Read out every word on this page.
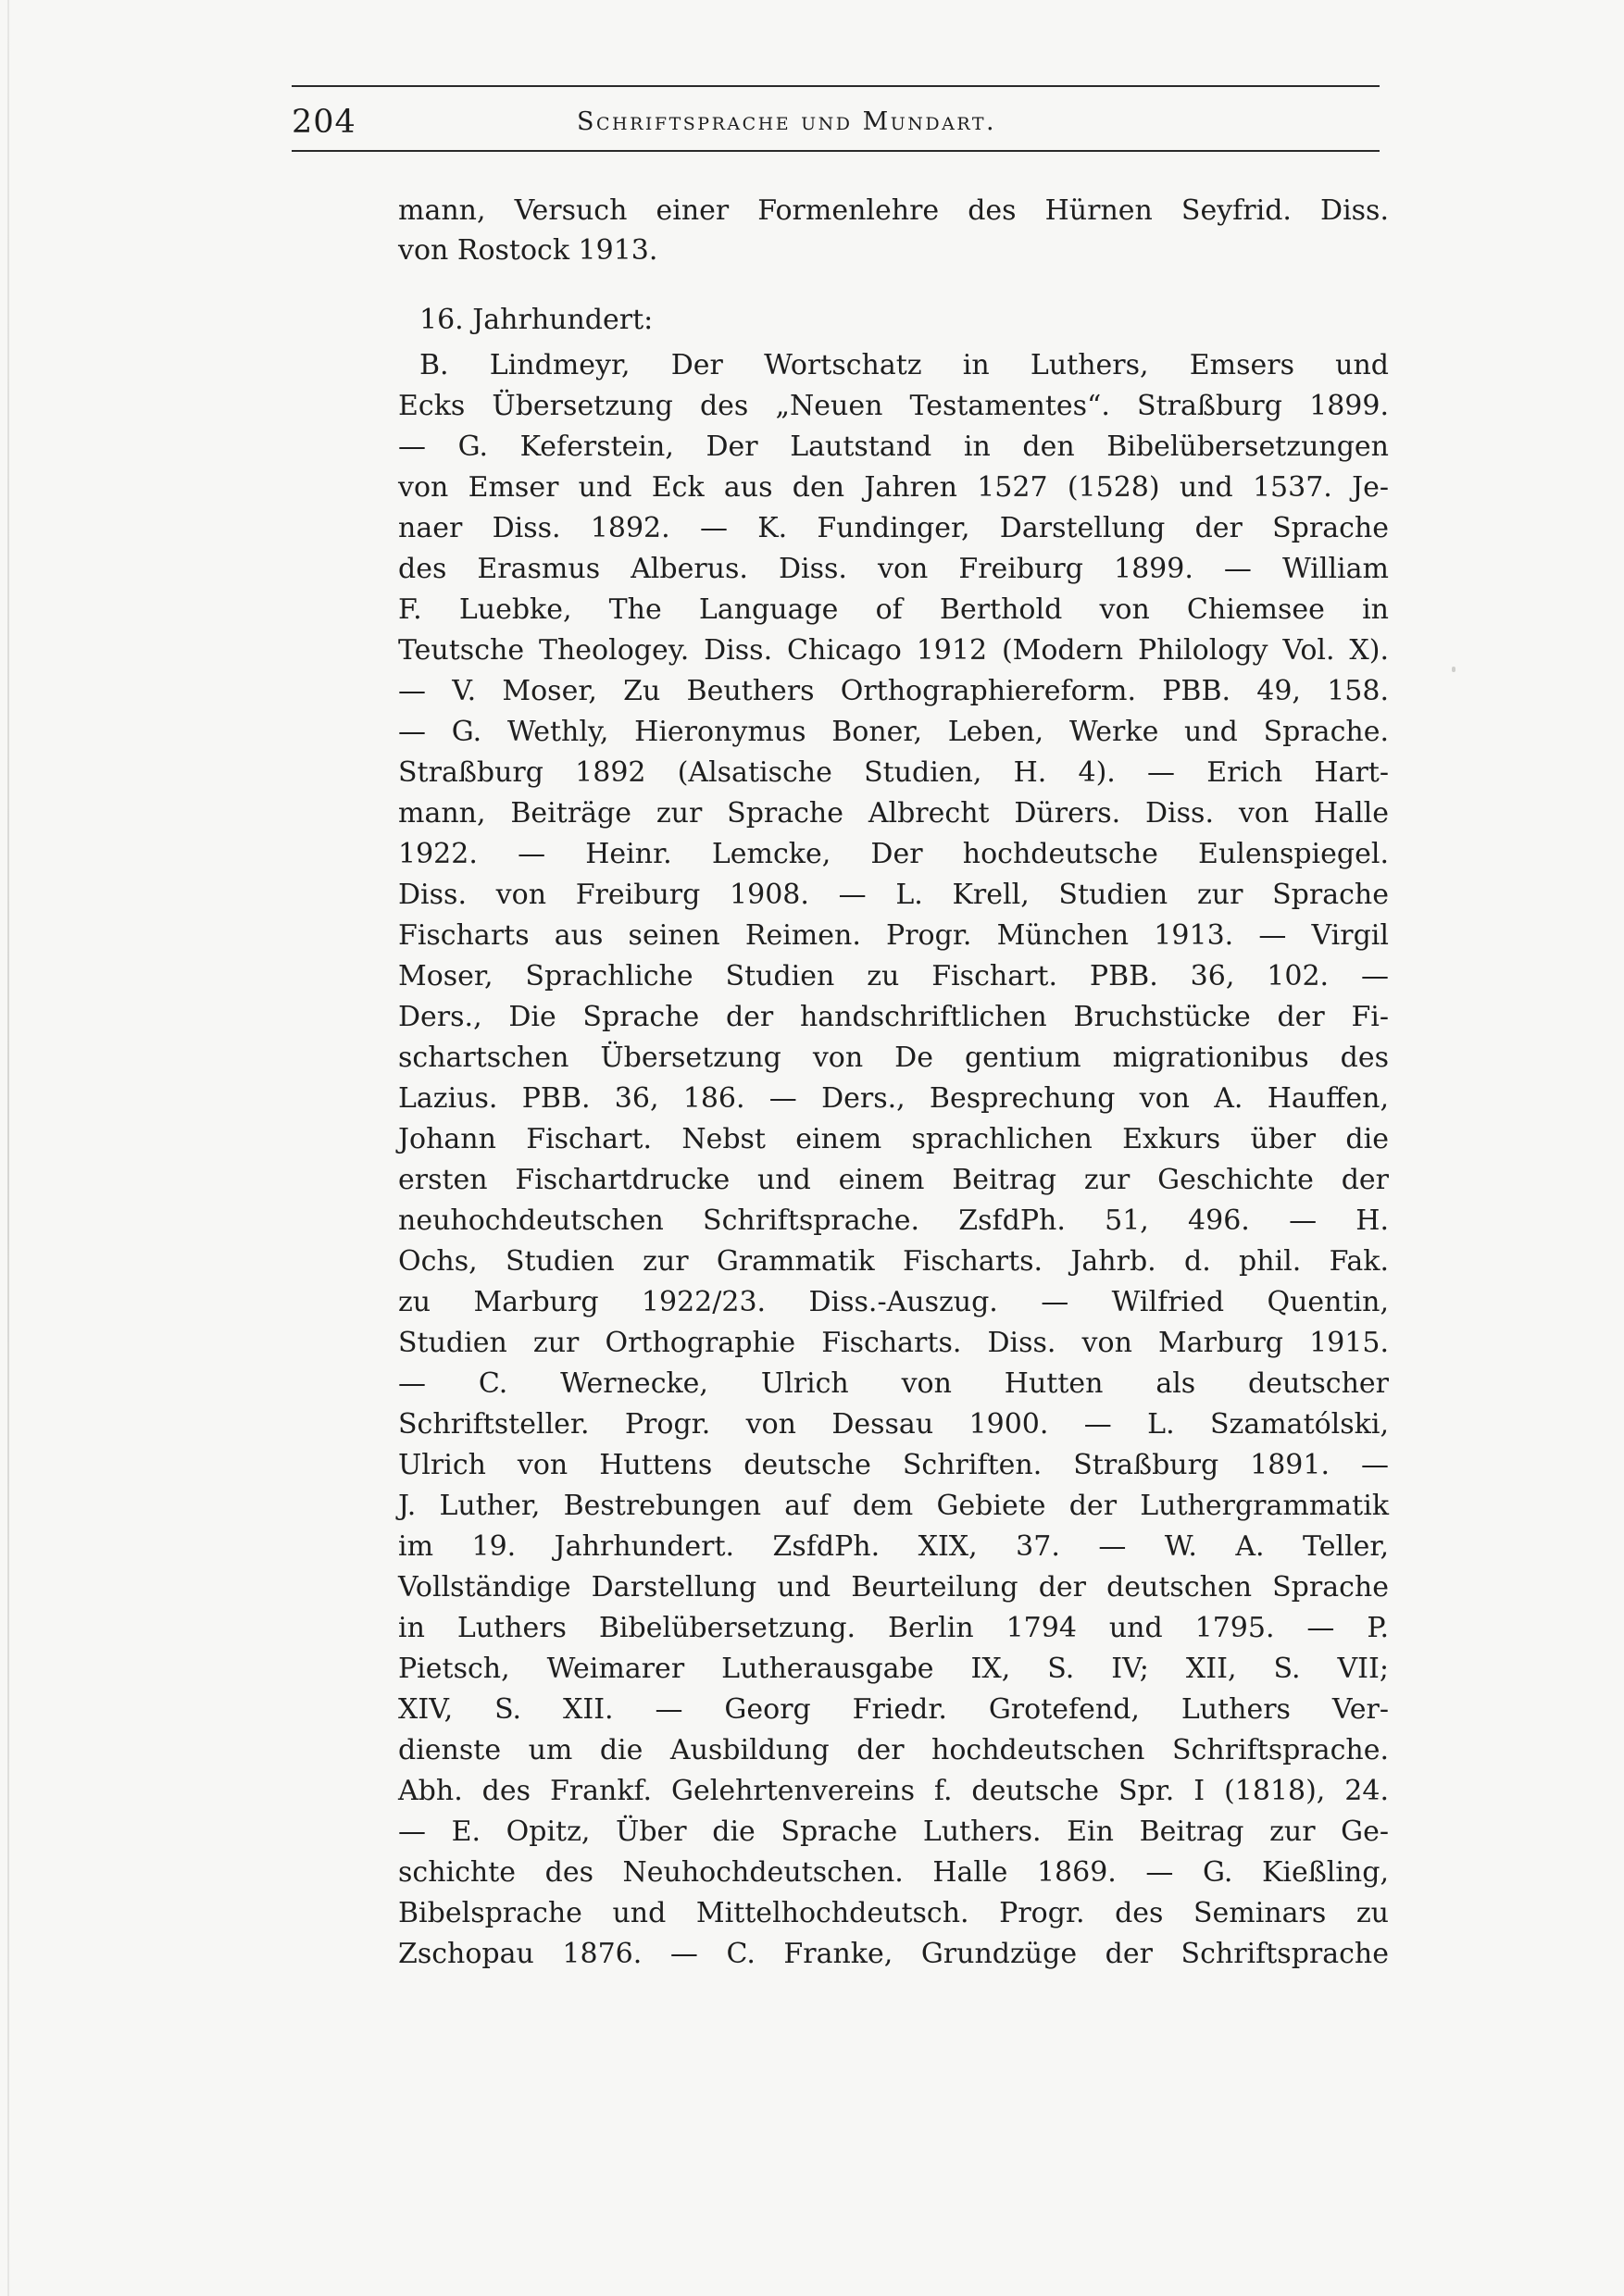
204	Schriftsprache und Mundart.
mann, Versuch einer Formenlehre des Hürnen Seyfrid. Diss.
von Rostock 1913.
16. Jahrhundert:
B. Lindmeyr, Der Wortschatz in Luthers, Emsers und
Ecks Übersetzung des „Neuen Testamentes“. Straßburg 1899.
— G. Keferstein, Der Lautstand in den Bibelübersetzungen
von Emser und Eck aus den Jahren 1527 (1528) und 1537. Je-
naer Diss. 1892. — K. Fundinger, Darstellung der Sprache
des Erasmus Alberus. Diss. von Freiburg 1899. — William
F. Luebke, The Language of Berthold von Chiemsee in
Teutsche Theologey. Diss. Chicago 1912 (Modern Philology Vol. X).
— V. Moser, Zu Beuthers Orthographiereform. PBB. 49, 158.
— G. Wethly, Hieronymus Boner, Leben, Werke und Sprache.
Straßburg 1892 (Alsatische Studien, H. 4). — Erich Hart-
mann, Beiträge zur Sprache Albrecht Dürers. Diss. von Halle
1922. — Heinr. Lemcke, Der hochdeutsche Eulenspiegel.
Diss. von Freiburg 1908. — L. Krell, Studien zur Sprache
Fischarts aus seinen Reimen. Progr. München 1913. — Virgil
Moser, Sprachliche Studien zu Fischart. PBB. 36, 102. —
Ders., Die Sprache der handschriftlichen Bruchstücke der Fi-
schartschen Übersetzung von De gentium migrationibus des
Lazius. PBB. 36, 186. — Ders., Besprechung von A. Hauffen,
Johann Fischart. Nebst einem sprachlichen Exkurs über die
ersten Fischartdrucke und einem Beitrag zur Geschichte der
neuhochdeutschen Schriftsprache. ZsfdPh. 51, 496. — H.
Ochs, Studien zur Grammatik Fischarts. Jahrb. d. phil. Fak.
zu Marburg 1922/23. Diss.-Auszug. — Wilfried Quentin,
Studien zur Orthographie Fischarts. Diss. von Marburg 1915.
— C. Wernecke, Ulrich von Hutten als deutscher
Schriftsteller. Progr. von Dessau 1900. — L. Szamatólski,
Ulrich von Huttens deutsche Schriften. Straßburg 1891. —
J. Luther, Bestrebungen auf dem Gebiete der Luthergrammatik
im 19. Jahrhundert. ZsfdPh. XIX, 37. — W. A. Teller,
Vollständige Darstellung und Beurteilung der deutschen Sprache
in Luthers Bibelübersetzung. Berlin 1794 und 1795. — P.
Pietsch, Weimarer Lutherausgabe IX, S. IV; XII, S. VII;
XIV, S. XII. — Georg Friedr. Grotefend, Luthers Ver-
dienste um die Ausbildung der hochdeutschen Schriftsprache.
Abh. des Frankf. Gelehrtenvereins f. deutsche Spr. I (1818), 24.
— E. Opitz, Über die Sprache Luthers. Ein Beitrag zur Ge-
schichte des Neuhochdeutschen. Halle 1869. — G. Kießling,
Bibelsprache und Mittelhochdeutsch. Progr. des Seminars zu
Zschopau 1876. — C. Franke, Grundzüge der Schriftsprache
